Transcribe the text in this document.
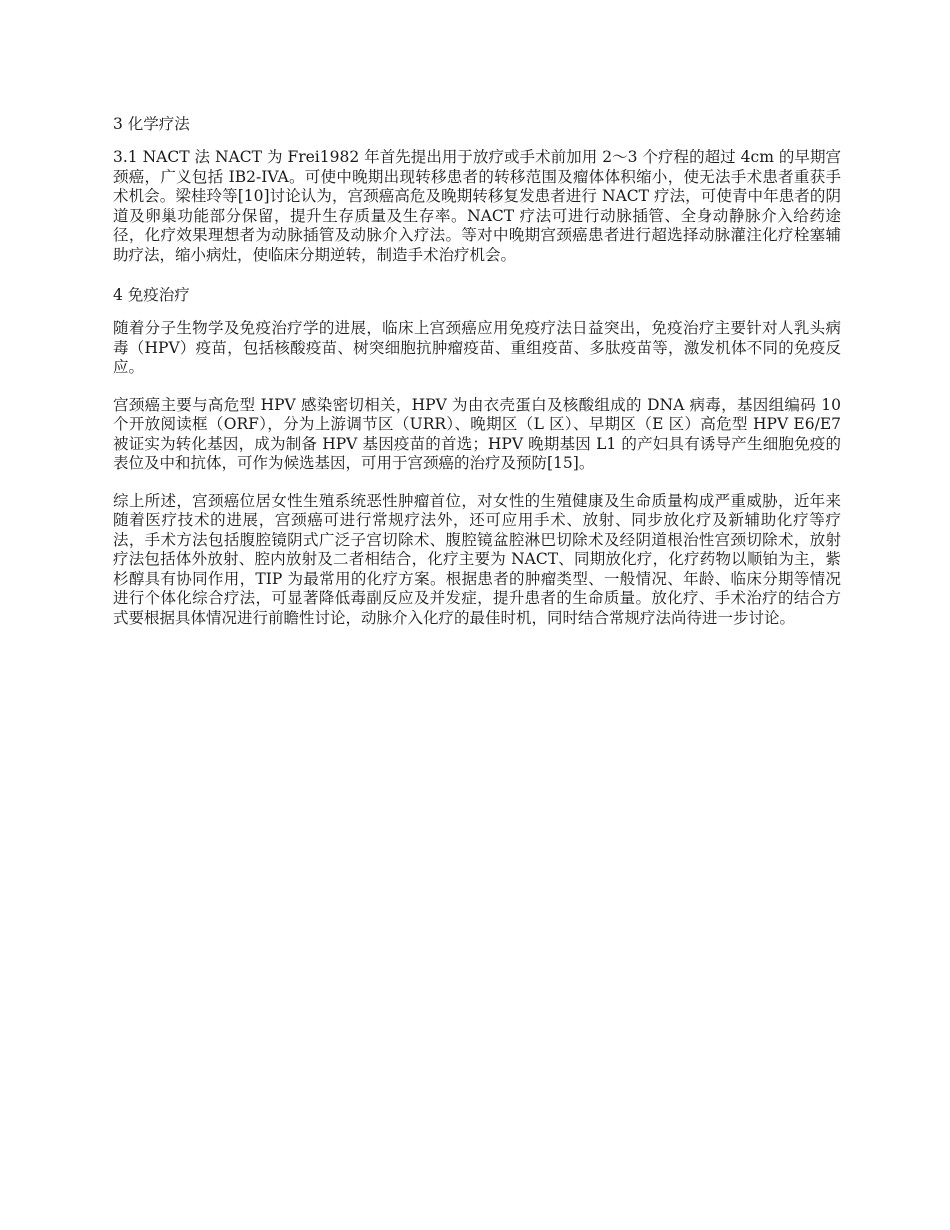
3 化学疗法

3.1 NACT 法 NACT 为 Frei1982 年首先提出用于放疗或手术前加用 2～3 个疗程的超过 4cm 的早期宫颈癌，广义包括 IB2-IVA。可使中晚期出现转移患者的转移范围及瘤体体积缩小，使无法手术患者重获手术机会。梁桂玲等[10]讨论认为，宫颈癌高危及晚期转移复发患者进行 NACT 疗法，可使青中年患者的阴道及卵巢功能部分保留，提升生存质量及生存率。NACT 疗法可进行动脉插管、全身动静脉介入给药途径，化疗效果理想者为动脉插管及动脉介入疗法。等对中晚期宫颈癌患者进行超选择动脉灌注化疗栓塞辅助疗法，缩小病灶，使临床分期逆转，制造手术治疗机会。

4 免疫治疗

随着分子生物学及免疫治疗学的进展，临床上宫颈癌应用免疫疗法日益突出，免疫治疗主要针对人乳头病毒（HPV）疫苗，包括核酸疫苗、树突细胞抗肿瘤疫苗、重组疫苗、多肽疫苗等，激发机体不同的免疫反应。

宫颈癌主要与高危型 HPV 感染密切相关，HPV 为由衣壳蛋白及核酸组成的 DNA 病毒，基因组编码 10 个开放阅读框（ORF），分为上游调节区（URR）、晚期区（L 区）、早期区（E 区）高危型 HPV E6/E7 被证实为转化基因，成为制备 HPV 基因疫苗的首选；HPV 晚期基因 L1 的产妇具有诱导产生细胞免疫的表位及中和抗体，可作为候选基因，可用于宫颈癌的治疗及预防[15]。

综上所述，宫颈癌位居女性生殖系统恶性肿瘤首位，对女性的生殖健康及生命质量构成严重威胁，近年来随着医疗技术的进展，宫颈癌可进行常规疗法外，还可应用手术、放射、同步放化疗及新辅助化疗等疗法，手术方法包括腹腔镜阴式广泛子宫切除术、腹腔镜盆腔淋巴切除术及经阴道根治性宫颈切除术，放射疗法包括体外放射、腔内放射及二者相结合，化疗主要为 NACT、同期放化疗，化疗药物以顺铂为主，紫杉醇具有协同作用，TIP 为最常用的化疗方案。根据患者的肿瘤类型、一般情况、年龄、临床分期等情况进行个体化综合疗法，可显著降低毒副反应及并发症，提升患者的生命质量。放化疗、手术治疗的结合方式要根据具体情况进行前瞻性讨论，动脉介入化疗的最佳时机，同时结合常规疗法尚待进一步讨论。
